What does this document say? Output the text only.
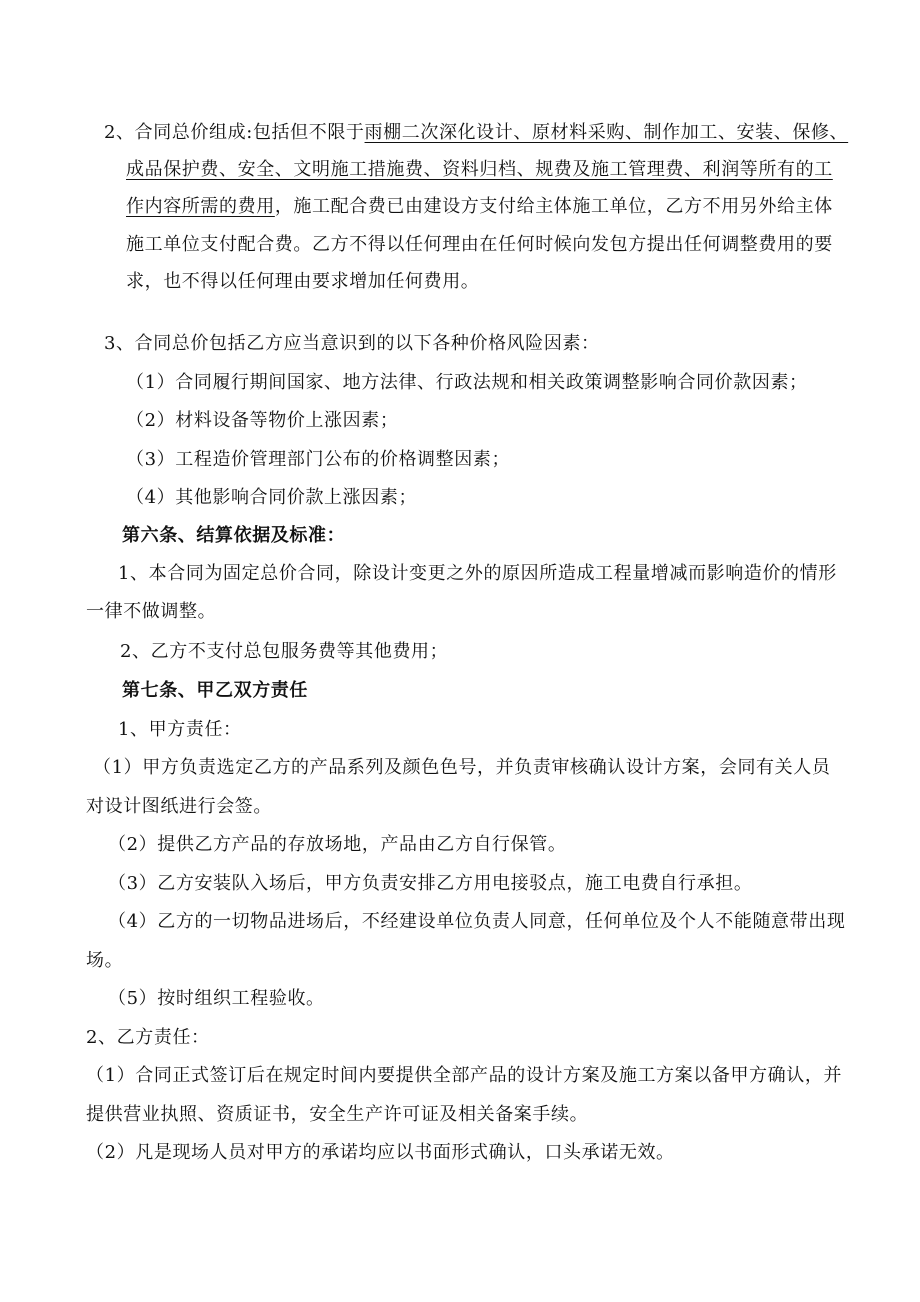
2、合同总价组成:包括但不限于雨棚二次深化设计、原材料采购、制作加工、安装、保修、
成品保护费、安全、文明施工措施费、资料归档、规费及施工管理费、利润等所有的工
作内容所需的费用，施工配合费已由建设方支付给主体施工单位，乙方不用另外给主体
施工单位支付配合费。乙方不得以任何理由在任何时候向发包方提出任何调整费用的要
求，也不得以任何理由要求增加任何费用。
3、合同总价包括乙方应当意识到的以下各种价格风险因素：
（1）合同履行期间国家、地方法律、行政法规和相关政策调整影响合同价款因素；
（2）材料设备等物价上涨因素；
（3）工程造价管理部门公布的价格调整因素；
（4）其他影响合同价款上涨因素；
第六条、结算依据及标准：
1、本合同为固定总价合同，除设计变更之外的原因所造成工程量增减而影响造价的情形
一律不做调整。
2、乙方不支付总包服务费等其他费用；
第七条、甲乙双方责任
1、甲方责任：
（1）甲方负责选定乙方的产品系列及颜色色号，并负责审核确认设计方案，会同有关人员
对设计图纸进行会签。
（2）提供乙方产品的存放场地，产品由乙方自行保管。
（3）乙方安装队入场后，甲方负责安排乙方用电接驳点，施工电费自行承担。
（4）乙方的一切物品进场后，不经建设单位负责人同意，任何单位及个人不能随意带出现
场。
（5）按时组织工程验收。
2、乙方责任：
（1）合同正式签订后在规定时间内要提供全部产品的设计方案及施工方案以备甲方确认，并
提供营业执照、资质证书，安全生产许可证及相关备案手续。
（2）凡是现场人员对甲方的承诺均应以书面形式确认，口头承诺无效。
